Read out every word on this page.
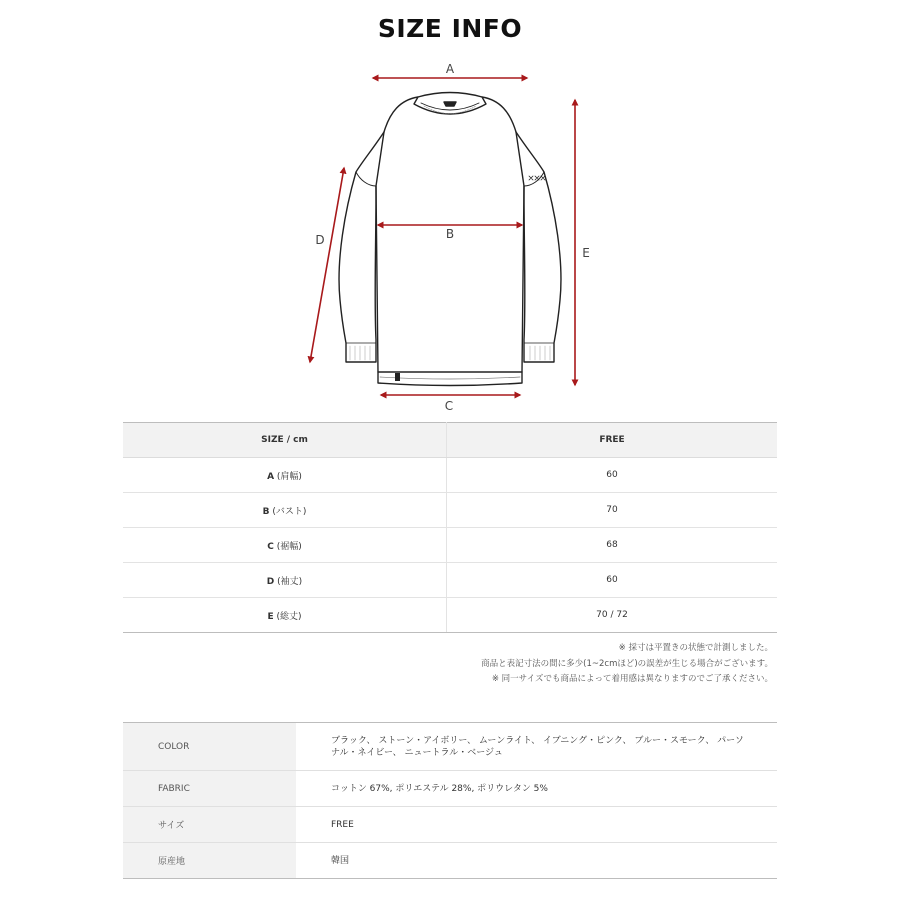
SIZE INFO
A
B
C
D
E
SIZE / cm	FREE
A (肩幅)	60
B (バスト)	70
C (裾幅)	68
D (袖丈)	60
E (総丈)	70 / 72
※ 採寸は平置きの状態で計測しました。
商品と表記寸法の間に多少(1~2cmほど)の誤差が生じる場合がございます。
※ 同一サイズでも商品によって着用感は異なりますのでご了承ください。
COLOR	ブラック、 ストーン・アイボリー、 ムーンライト、 イブニング・ピンク、 ブルー・スモーク、 パーソナル・ネイビー、 ニュートラル・ベージュ
FABRIC	コットン 67%, ポリエステル 28%, ポリウレタン 5%
サイズ	FREE
原産地	韓国
